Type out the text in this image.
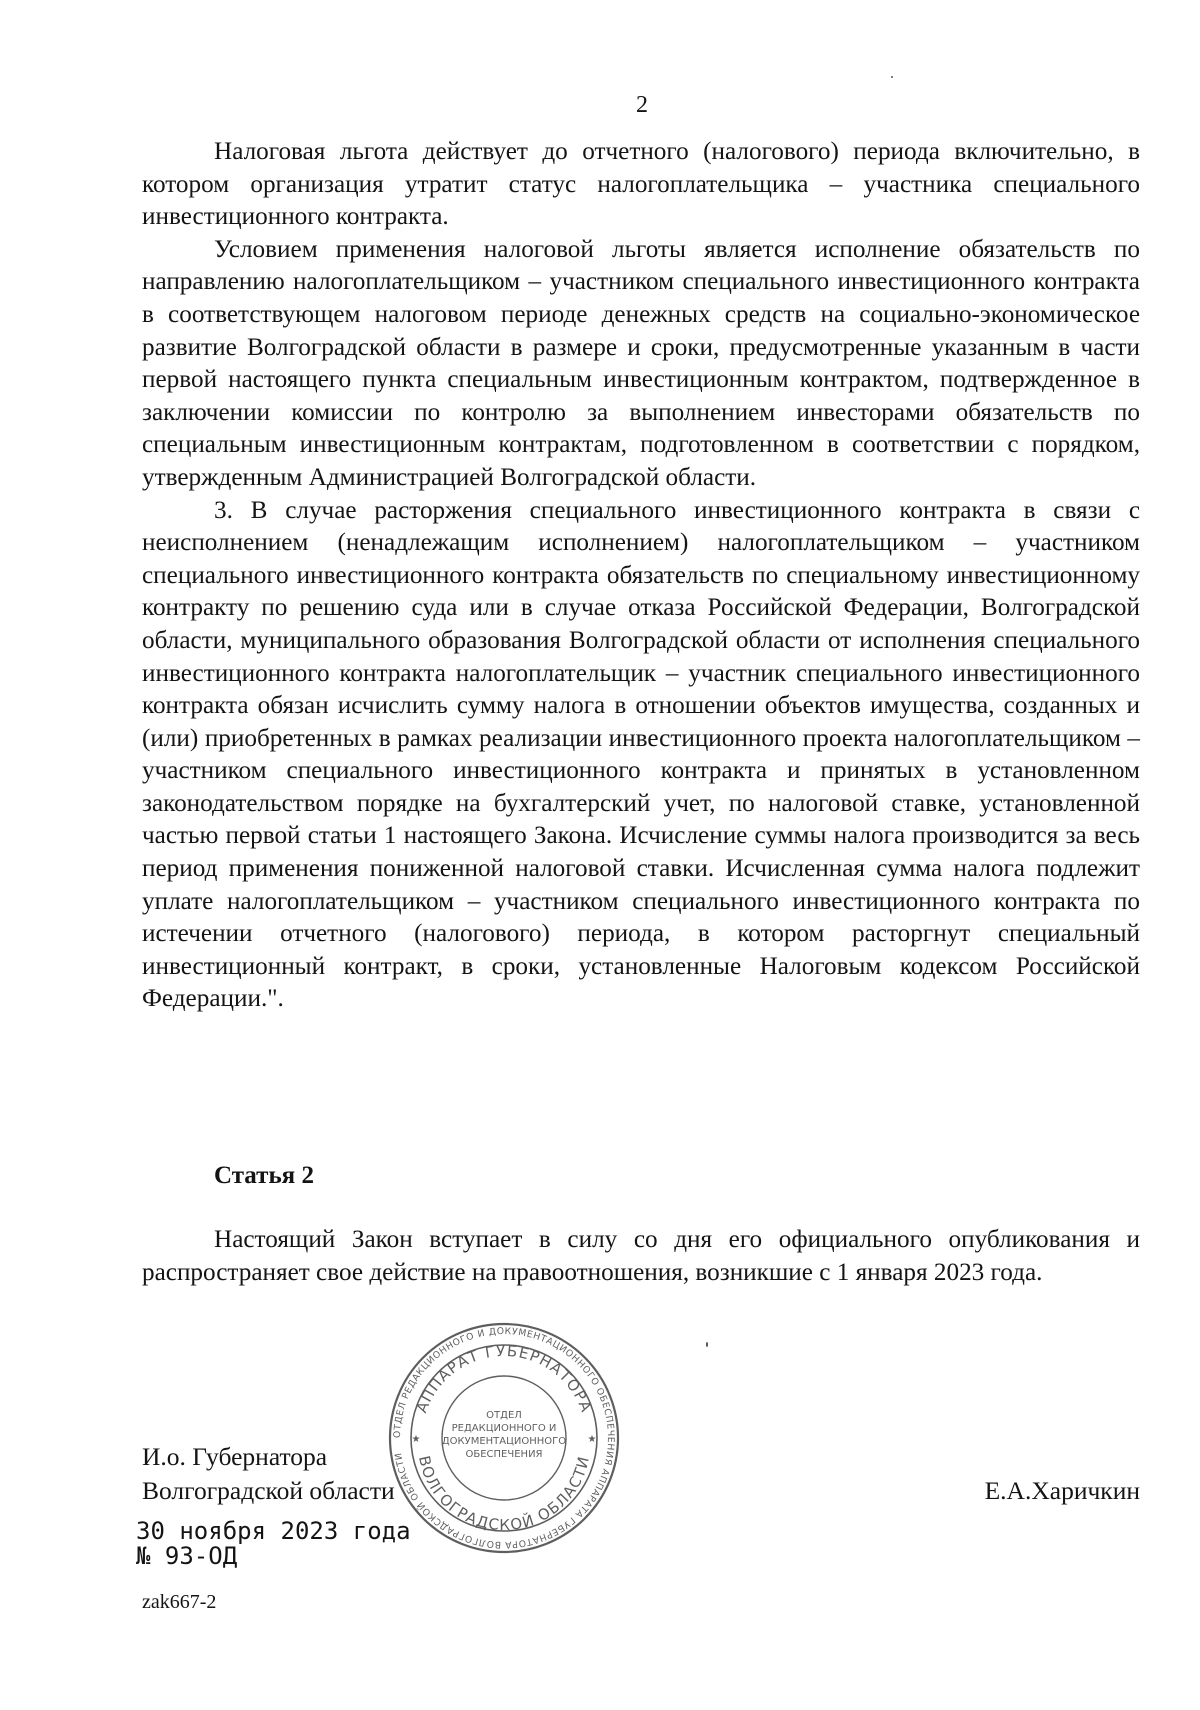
2

Налоговая льгота действует до отчетного (налогового) периода включительно, в котором организация утратит статус налогоплательщика – участника специального инвестиционного контракта.

Условием применения налоговой льготы является исполнение обязательств по направлению налогоплательщиком – участником специального инвестиционного контракта в соответствующем налоговом периоде денежных средств на социально-экономическое развитие Волгоградской области в размере и сроки, предусмотренные указанным в части первой настоящего пункта специальным инвестиционным контрактом, подтвержденное в заключении комиссии по контролю за выполнением инвесторами обязательств по специальным инвестиционным контрактам, подготовленном в соответствии с порядком, утвержденным Администрацией Волгоградской области.

3. В случае расторжения специального инвестиционного контракта в связи с неисполнением (ненадлежащим исполнением) налогоплательщиком – участником специального инвестиционного контракта обязательств по специальному инвестиционному контракту по решению суда или в случае отказа Российской Федерации, Волгоградской области, муниципального образования Волгоградской области от исполнения специального инвестиционного контракта налогоплательщик – участник специального инвестиционного контракта обязан исчислить сумму налога в отношении объектов имущества, созданных и (или) приобретенных в рамках реализации инвестиционного проекта налогоплательщиком – участником специального инвестиционного контракта и принятых в установленном законодательством порядке на бухгалтерский учет, по налоговой ставке, установленной частью первой статьи 1 настоящего Закона. Исчисление суммы налога производится за весь период применения пониженной налоговой ставки. Исчисленная сумма налога подлежит уплате налогоплательщиком – участником специального инвестиционного контракта по истечении отчетного (налогового) периода, в котором расторгнут специальный инвестиционный контракт, в сроки, установленные Налоговым кодексом Российской Федерации.".

Статья 2

Настоящий Закон вступает в силу со дня его официального опубликования и распространяет свое действие на правоотношения, возникшие с 1 января 2023 года.

И.о. Губернатора
Волгоградской области	Е.А.Харичкин
30 ноября 2023 года
№ 93-ОД
zak667-2
ОТДЕЛ РЕДАКЦИОННОГО И ДОКУМЕНТАЦИОННОГО ОБЕСПЕЧЕНИЯ АППАРАТА ГУБЕРНАТОРА ВОЛГОГРАДСКОЙ ОБЛАСТИ
АППАРАТ ГУБЕРНАТОРА
ВОЛГОГРАДСКОЙ ОБЛАСТИ
ОТДЕЛ
РЕДАКЦИОННОГО И
ДОКУМЕНТАЦИОННОГО
ОБЕСПЕЧЕНИЯ
★	★
